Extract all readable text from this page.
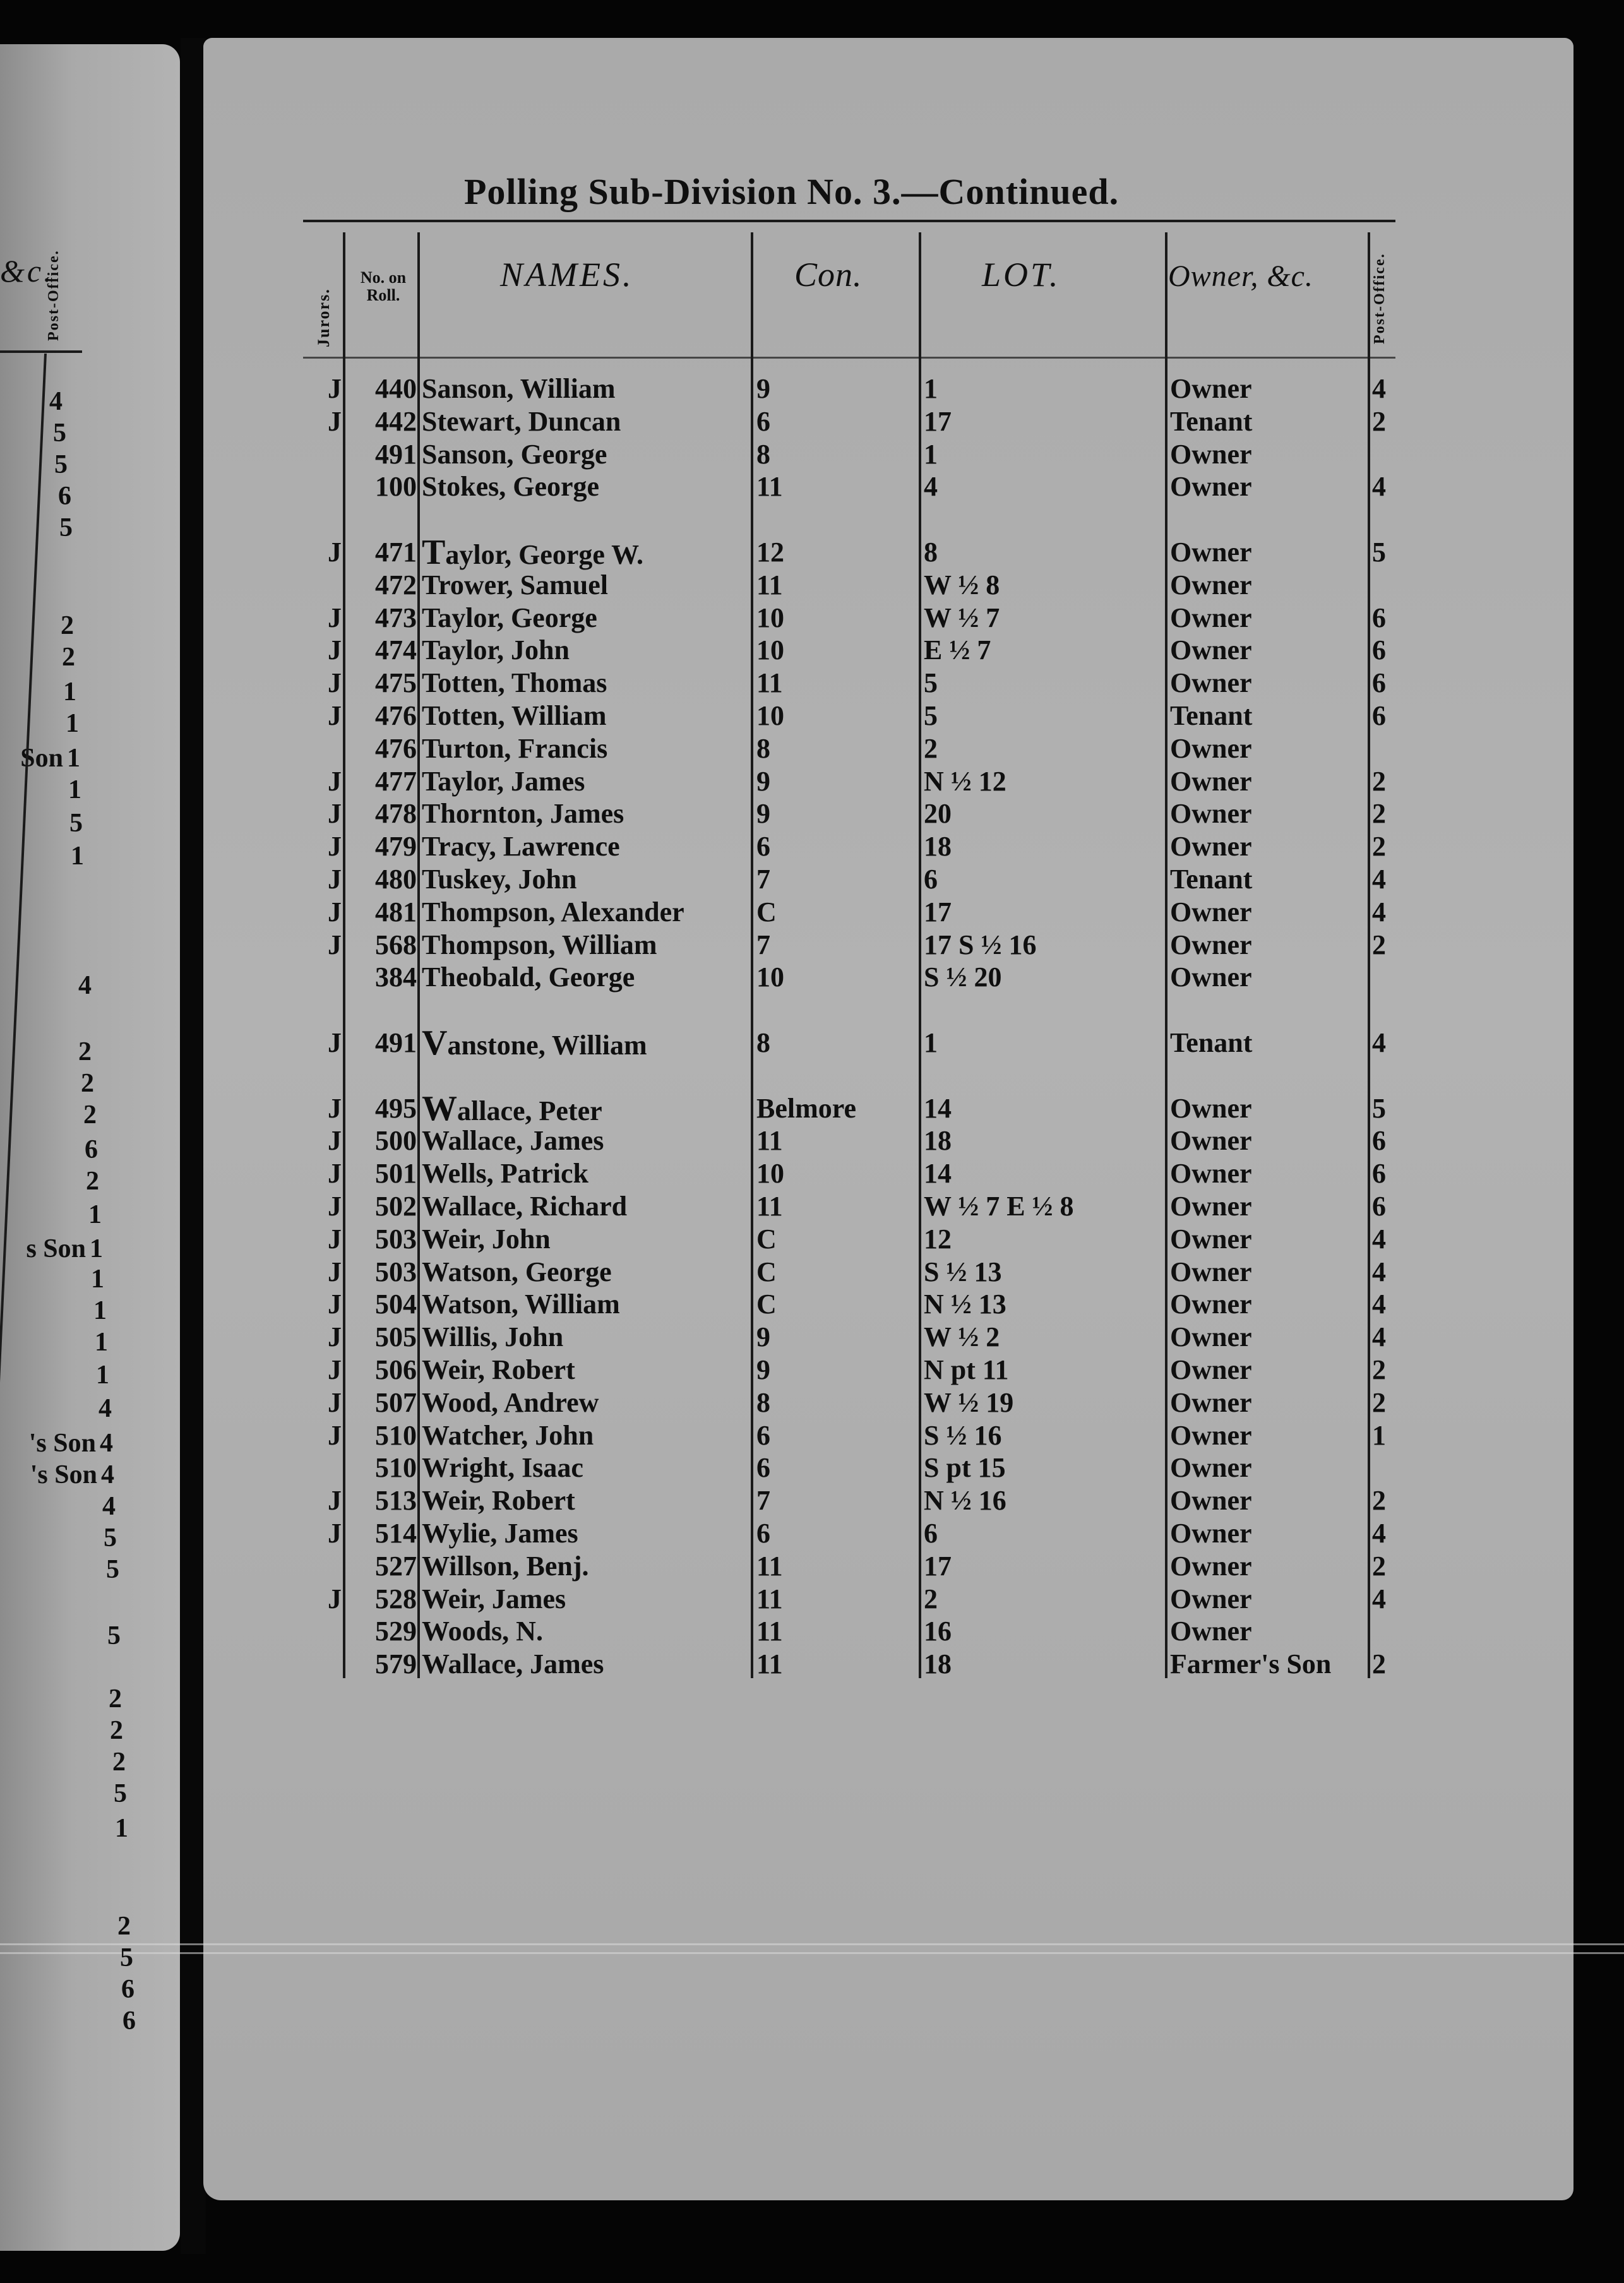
&c.
Post-Office.
4
5
5
6
5
2
2
1
1
Son 1
1
5
1
4
2
2
2
6
2
1
s Son 1
1
1
1
1
4
's Son 4
's Son 4
4
5
5
5
2
2
2
5
1
2
5
6
6
Polling Sub-Division No. 3.—Continued.
Jurors.
No. on Roll.
NAMES.	Con.	LOT.	Owner, &c.	Post-Office.
J	440 Sanson, William	9	1	Owner	4
J	442 Stewart, Duncan	6	17	Tenant	2
491 Sanson, George	8	1	Owner
100 Stokes, George	11	4	Owner	4
J	471 Taylor, George W.	12	8	Owner	5
472 Trower, Samuel	11	W ½ 8	Owner
J	473 Taylor, George	10	W ½ 7	Owner	6
J	474 Taylor, John	10	E ½ 7	Owner	6
J	475 Totten, Thomas	11	5	Owner	6
J	476 Totten, William	10	5	Tenant	6
476 Turton, Francis	8	2	Owner
J	477 Taylor, James	9	N ½ 12	Owner	2
J	478 Thornton, James	9	20	Owner	2
J	479 Tracy, Lawrence	6	18	Owner	2
J	480 Tuskey, John	7	6	Tenant	4
J	481 Thompson, Alexander	C	17	Owner	4
J	568 Thompson, William	7	17 S ½ 16	Owner	2
384 Theobald, George	10	S ½ 20	Owner
J	491 Vanstone, William	8	1	Tenant	4
J	495 Wallace, Peter	Belmore 14	Owner	5
J	500 Wallace, James	11	18	Owner	6
J	501 Wells, Patrick	10	14	Owner	6
J	502 Wallace, Richard	11	W ½ 7 E ½ 8	Owner	6
J	503 Weir, John	C	12	Owner	4
J	503 Watson, George	C	S ½ 13	Owner	4
J	504 Watson, William	C	N ½ 13	Owner	4
J	505 Willis, John	9	W ½ 2	Owner	4
J	506 Weir, Robert	9	N pt 11	Owner	2
J	507 Wood, Andrew	8	W ½ 19	Owner	2
J	510 Watcher, John	6	S ½ 16	Owner	1
510 Wright, Isaac	6	S pt 15	Owner
J	513 Weir, Robert	7	N ½ 16	Owner	2
J	514 Wylie, James	6	6	Owner	4
527 Willson, Benj.	11	17	Owner	2
J	528 Weir, James	11	2	Owner	4
529 Woods, N.	11	16	Owner
579 Wallace, James	11	18	Farmer's Son 2
